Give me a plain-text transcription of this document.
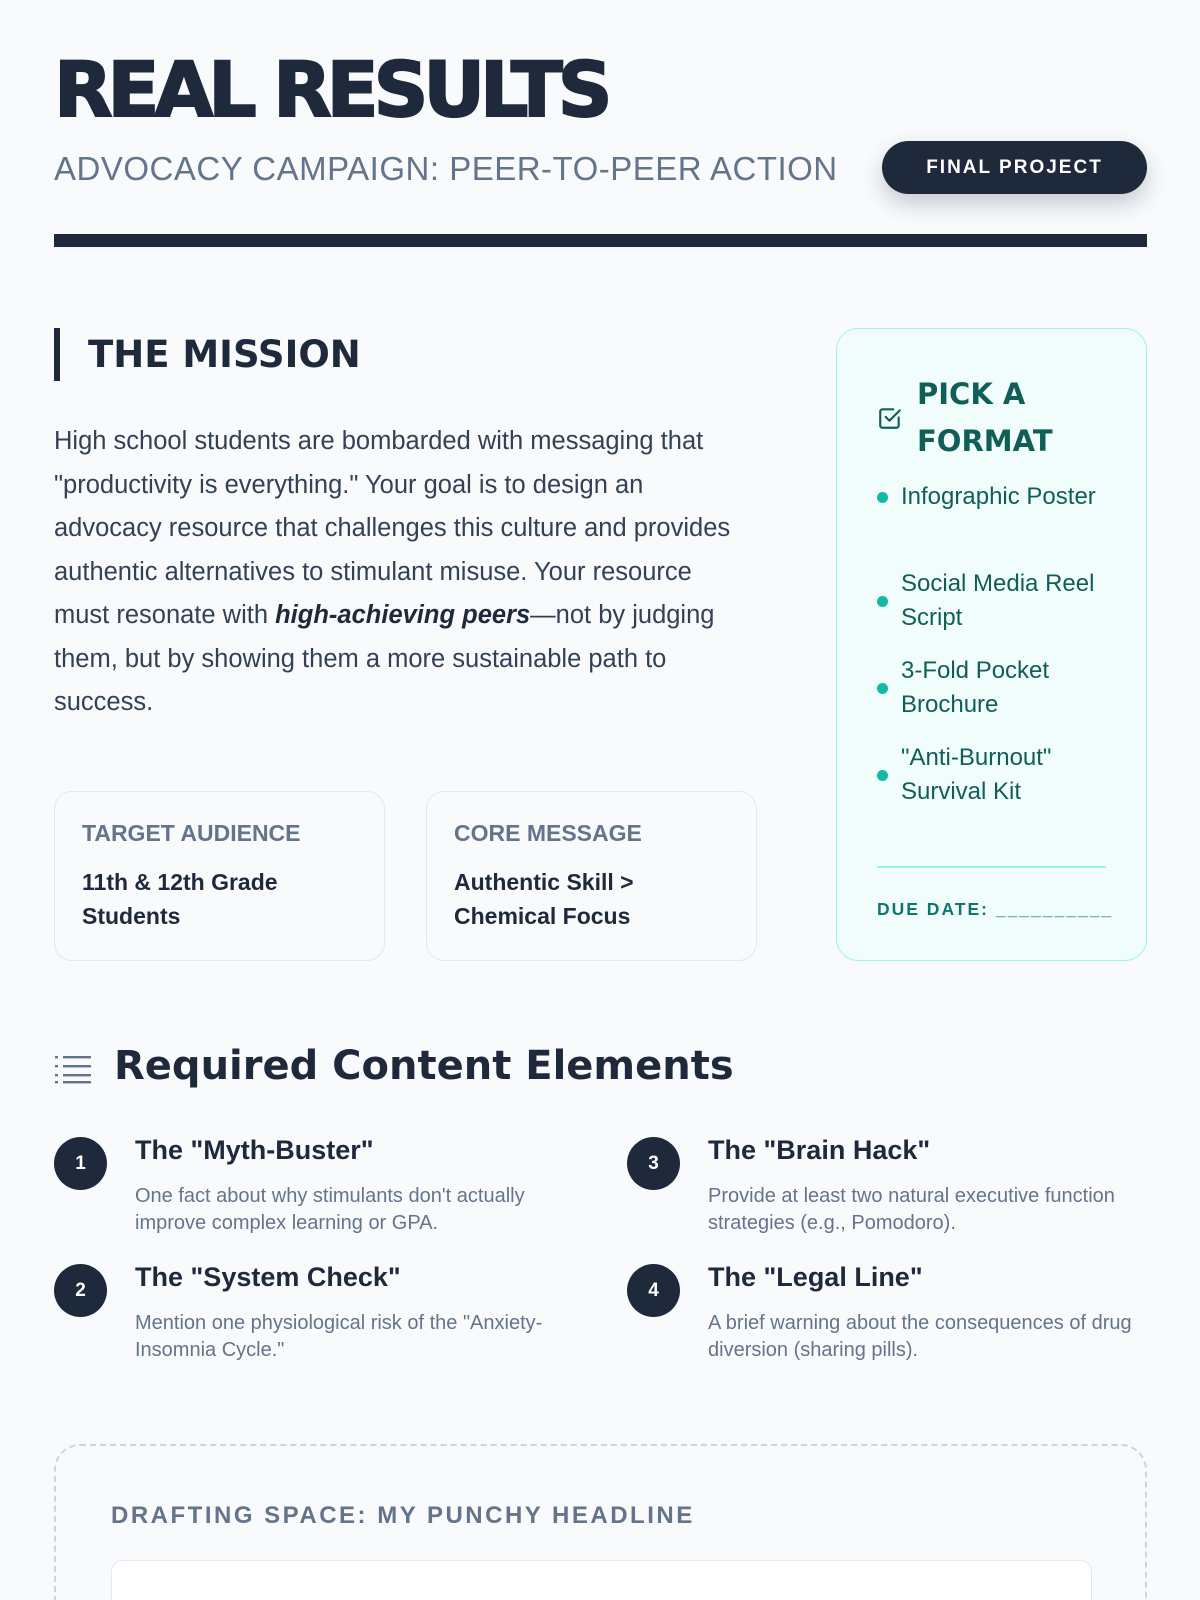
REAL RESULTS
ADVOCACY CAMPAIGN: PEER-TO-PEER ACTION	FINAL PROJECT
THE MISSION

High school students are bombarded with messaging that "productivity is everything." Your goal is to design an advocacy resource that challenges this culture and provides authentic alternatives to stimulant misuse. Your resource must resonate with high-achieving peers—not by judging them, but by showing them a more sustainable path to success.

TARGET AUDIENCE
11th & 12th Grade Students
CORE MESSAGE
Authentic Skill > Chemical Focus
PICK A FORMAT
Infographic Poster
Social Media Reel Script
3-Fold Pocket Brochure
"Anti-Burnout" Survival Kit
DUE DATE: __________
Required Content Elements
1	The "Myth-Buster"
One fact about why stimulants don't actually improve complex learning or GPA.
2	The "System Check"
Mention one physiological risk of the "Anxiety-Insomnia Cycle."
3	The "Brain Hack"
Provide at least two natural executive function strategies (e.g., Pomodoro).
4	The "Legal Line"
A brief warning about the consequences of drug diversion (sharing pills).
DRAFTING SPACE: MY PUNCHY HEADLINE
